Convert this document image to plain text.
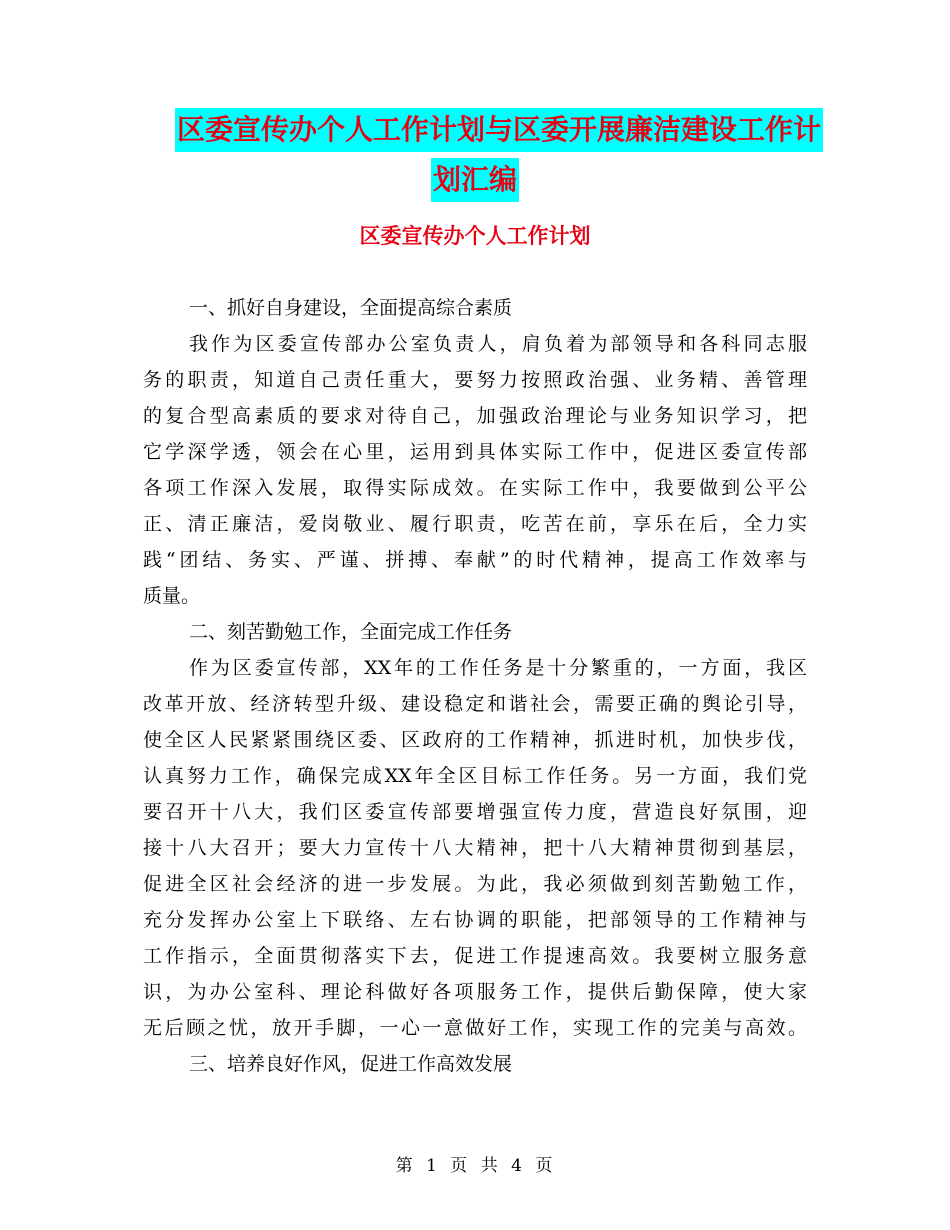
区委宣传办个人工作计划与区委开展廉洁建设工作计
划汇编
区委宣传办个人工作计划
一、抓好自身建设，全面提高综合素质
我作为区委宣传部办公室负责人，肩负着为部领导和各科同志服
务的职责，知道自己责任重大，要努力按照政治强、业务精、善管理
的复合型高素质的要求对待自己，加强政治理论与业务知识学习，把
它学深学透，领会在心里，运用到具体实际工作中，促进区委宣传部
各项工作深入发展，取得实际成效。在实际工作中，我要做到公平公
正、清正廉洁，爱岗敬业、履行职责，吃苦在前，享乐在后，全力实
践“团结、务实、严谨、拼搏、奉献”的时代精神，提高工作效率与
质量。
二、刻苦勤勉工作，全面完成工作任务
作为区委宣传部，XX年的工作任务是十分繁重的，一方面，我区
改革开放、经济转型升级、建设稳定和谐社会，需要正确的舆论引导，
使全区人民紧紧围绕区委、区政府的工作精神，抓进时机，加快步伐，
认真努力工作，确保完成XX年全区目标工作任务。另一方面，我们党
要召开十八大，我们区委宣传部要增强宣传力度，营造良好氛围，迎
接十八大召开；要大力宣传十八大精神，把十八大精神贯彻到基层，
促进全区社会经济的进一步发展。为此，我必须做到刻苦勤勉工作，
充分发挥办公室上下联络、左右协调的职能，把部领导的工作精神与
工作指示，全面贯彻落实下去，促进工作提速高效。我要树立服务意
识，为办公室科、理论科做好各项服务工作，提供后勤保障，使大家
无后顾之忧，放开手脚，一心一意做好工作，实现工作的完美与高效。
三、培养良好作风，促进工作高效发展
第 1 页 共 4 页
